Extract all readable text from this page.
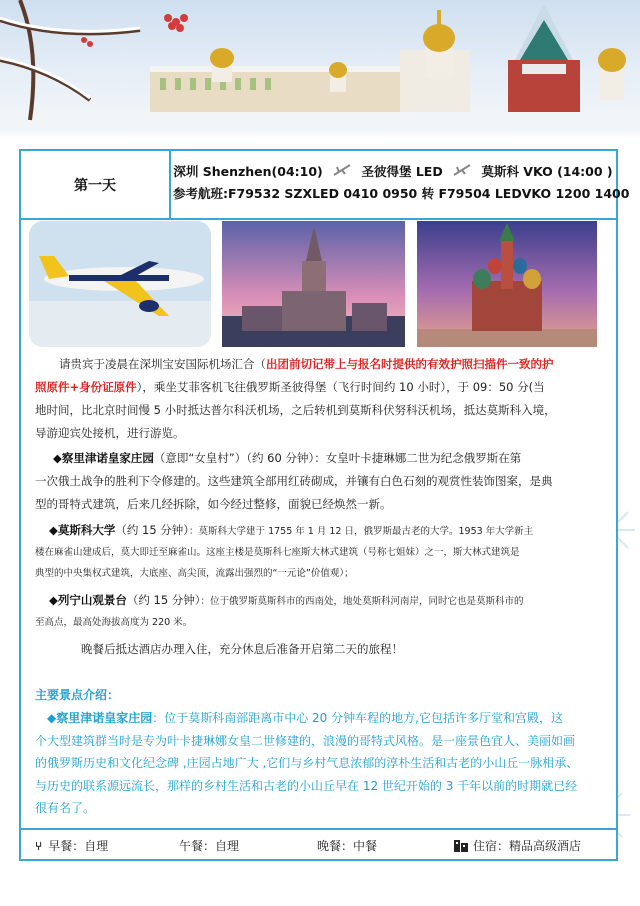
第一天
深圳 Shenzhen(04:10)	圣彼得堡 LED	莫斯科 VKO (14:00 )
参考航班:F79532 SZXLED 0410 0950 转 F79504 LEDVKO 1200 1400
请贵宾于凌晨在深圳宝安国际机场汇合（出团前切记带上与报名时提供的有效护照扫描件一致的护
照原件+身份证原件），乘坐艾菲客机飞往俄罗斯圣彼得堡（飞行时间约 10 小时），于 09：50 分(当
地时间，比北京时间慢 5 小时抵达普尔科沃机场，之后转机到莫斯科伏努科沃机场，抵达莫斯科入境，
导游迎宾处接机，进行游览。
◆察里津诺皇家庄园（意即“女皇村”）（约 60 分钟）：女皇叶卡捷琳娜二世为纪念俄罗斯在第
一次俄土战争的胜利下令修建的。这些建筑全部用红砖砌成，并镶有白色石刻的观赏性装饰图案，是典
型的哥特式建筑，后来几经拆除，如今经过整修，面貌已经焕然一新。
◆莫斯科大学（约 15 分钟）：莫斯科大学建于 1755 年 1 月 12 日，俄罗斯最古老的大学。1953 年大学新主
楼在麻雀山建成后，莫大即迁至麻雀山。这座主楼是莫斯科七座斯大林式建筑（号称七姐妹）之一，斯大林式建筑是
典型的中央集权式建筑，大底座、高尖顶，流露出强烈的“一元论”价值观）；
◆列宁山观景台（约 15 分钟）：位于俄罗斯莫斯科市的西南处，地处莫斯科河南岸，同时它也是莫斯科市的
至高点，最高处海拔高度为 220 米。
晚餐后抵达酒店办理入住，充分休息后准备开启第二天的旅程！
主要景点介绍：
◆察里津诺皇家庄园：位于莫斯科南部距离市中心 20 分钟车程的地方,它包括许多厅堂和宫殿，这
个大型建筑群当时是专为叶卡捷琳娜女皇二世修建的，浪漫的哥特式风格。是一座景色宜人、美丽如画
的俄罗斯历史和文化纪念碑 ,庄园占地广大 ,它们与乡村气息浓郁的淳朴生活和古老的小山丘一脉相承、
与历史的联系源远流长，那样的乡村生活和古老的小山丘早在 12 世纪开始的 3 千年以前的时期就已经
很有名了。
⑂ 早餐：自理	午餐：自理	晚餐：中餐	住宿：精品高级酒店
